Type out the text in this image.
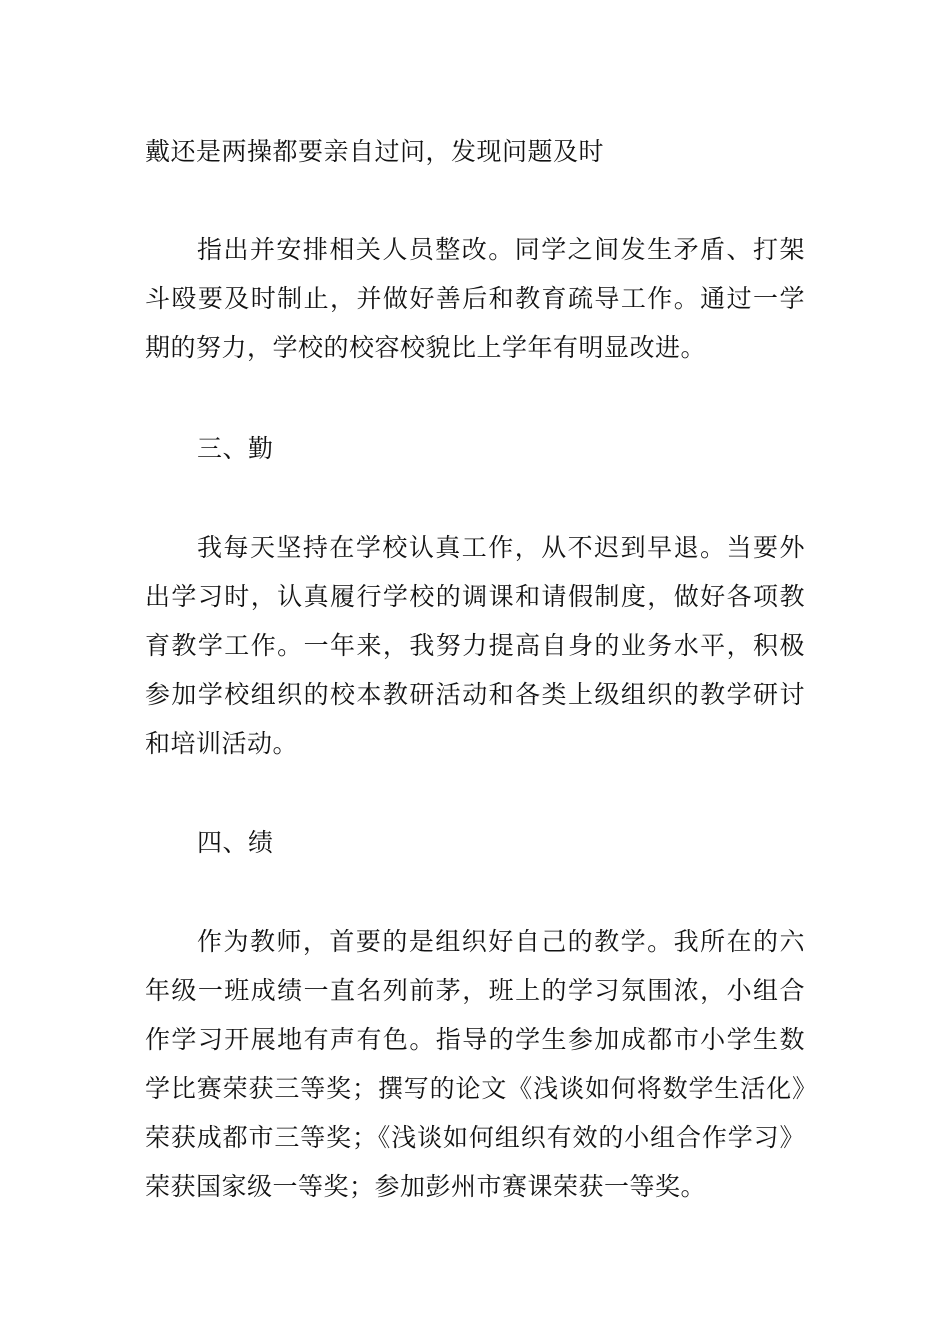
戴还是两操都要亲自过问，发现问题及时

指出并安排相关人员整改。同学之间发生矛盾、打架斗殴要及时制止，并做好善后和教育疏导工作。通过一学期的努力，学校的校容校貌比上学年有明显改进。

三、勤

我每天坚持在学校认真工作，从不迟到早退。当要外出学习时，认真履行学校的调课和请假制度，做好各项教育教学工作。一年来，我努力提高自身的业务水平，积极参加学校组织的校本教研活动和各类上级组织的教学研讨和培训活动。

四、绩

作为教师，首要的是组织好自己的教学。我所在的六年级一班成绩一直名列前茅，班上的学习氛围浓，小组合作学习开展地有声有色。指导的学生参加成都市小学生数学比赛荣获三等奖；撰写的论文《浅谈如何将数学生活化》荣获成都市三等奖；《浅谈如何组织有效的小组合作学习》荣获国家级一等奖；参加彭州市赛课荣获一等奖。
